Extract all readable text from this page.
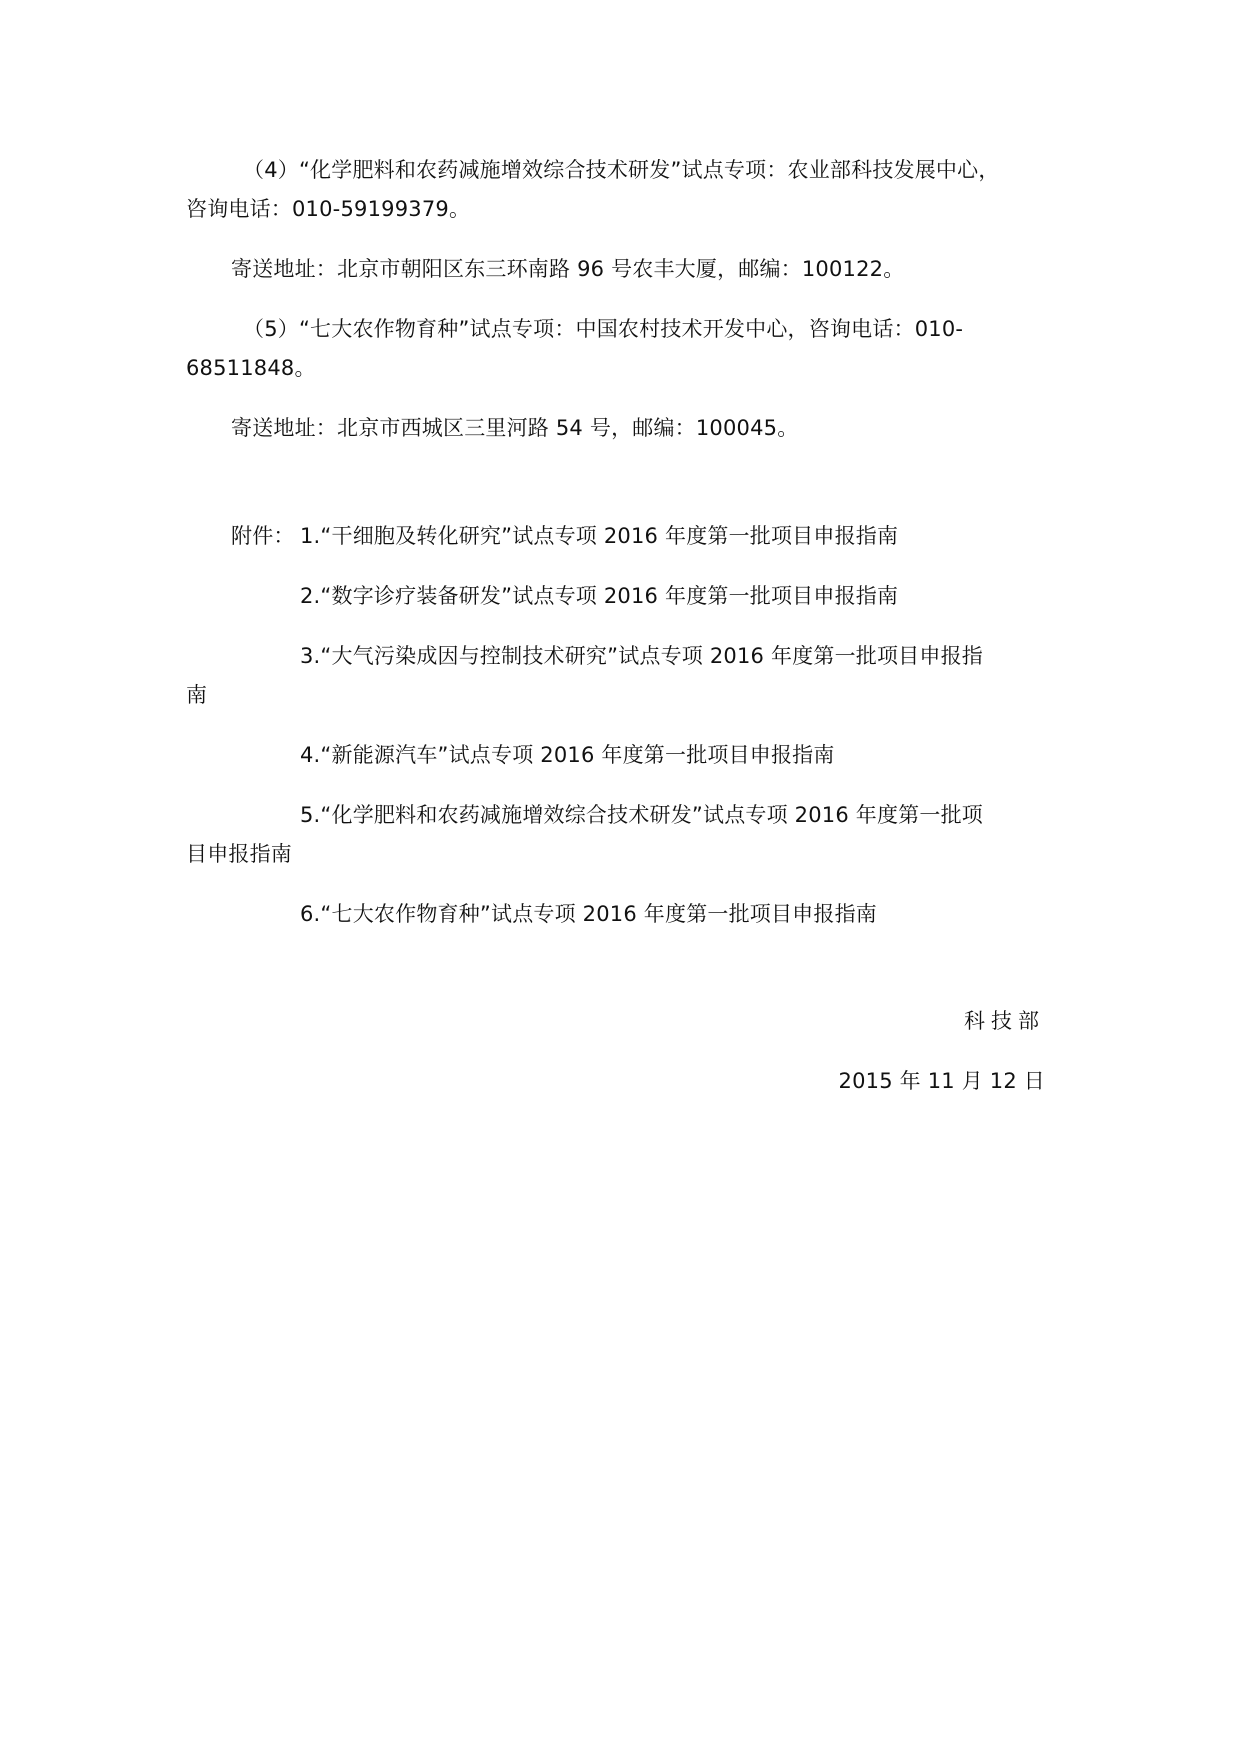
（4）“化学肥料和农药减施增效综合技术研发”试点专项：农业部科技发展中心，
咨询电话：010-59199379。
寄送地址：北京市朝阳区东三环南路 96 号农丰大厦，邮编：100122。
（5）“七大农作物育种”试点专项：中国农村技术开发中心，咨询电话：010-
68511848。
寄送地址：北京市西城区三里河路 54 号，邮编：100045。
附件： 1.“干细胞及转化研究”试点专项 2016 年度第一批项目申报指南
2.“数字诊疗装备研发”试点专项 2016 年度第一批项目申报指南
3.“大气污染成因与控制技术研究”试点专项 2016 年度第一批项目申报指
南
4.“新能源汽车”试点专项 2016 年度第一批项目申报指南
5.“化学肥料和农药减施增效综合技术研发”试点专项 2016 年度第一批项
目申报指南
6.“七大农作物育种”试点专项 2016 年度第一批项目申报指南
科技部
2015 年 11 月 12 日
